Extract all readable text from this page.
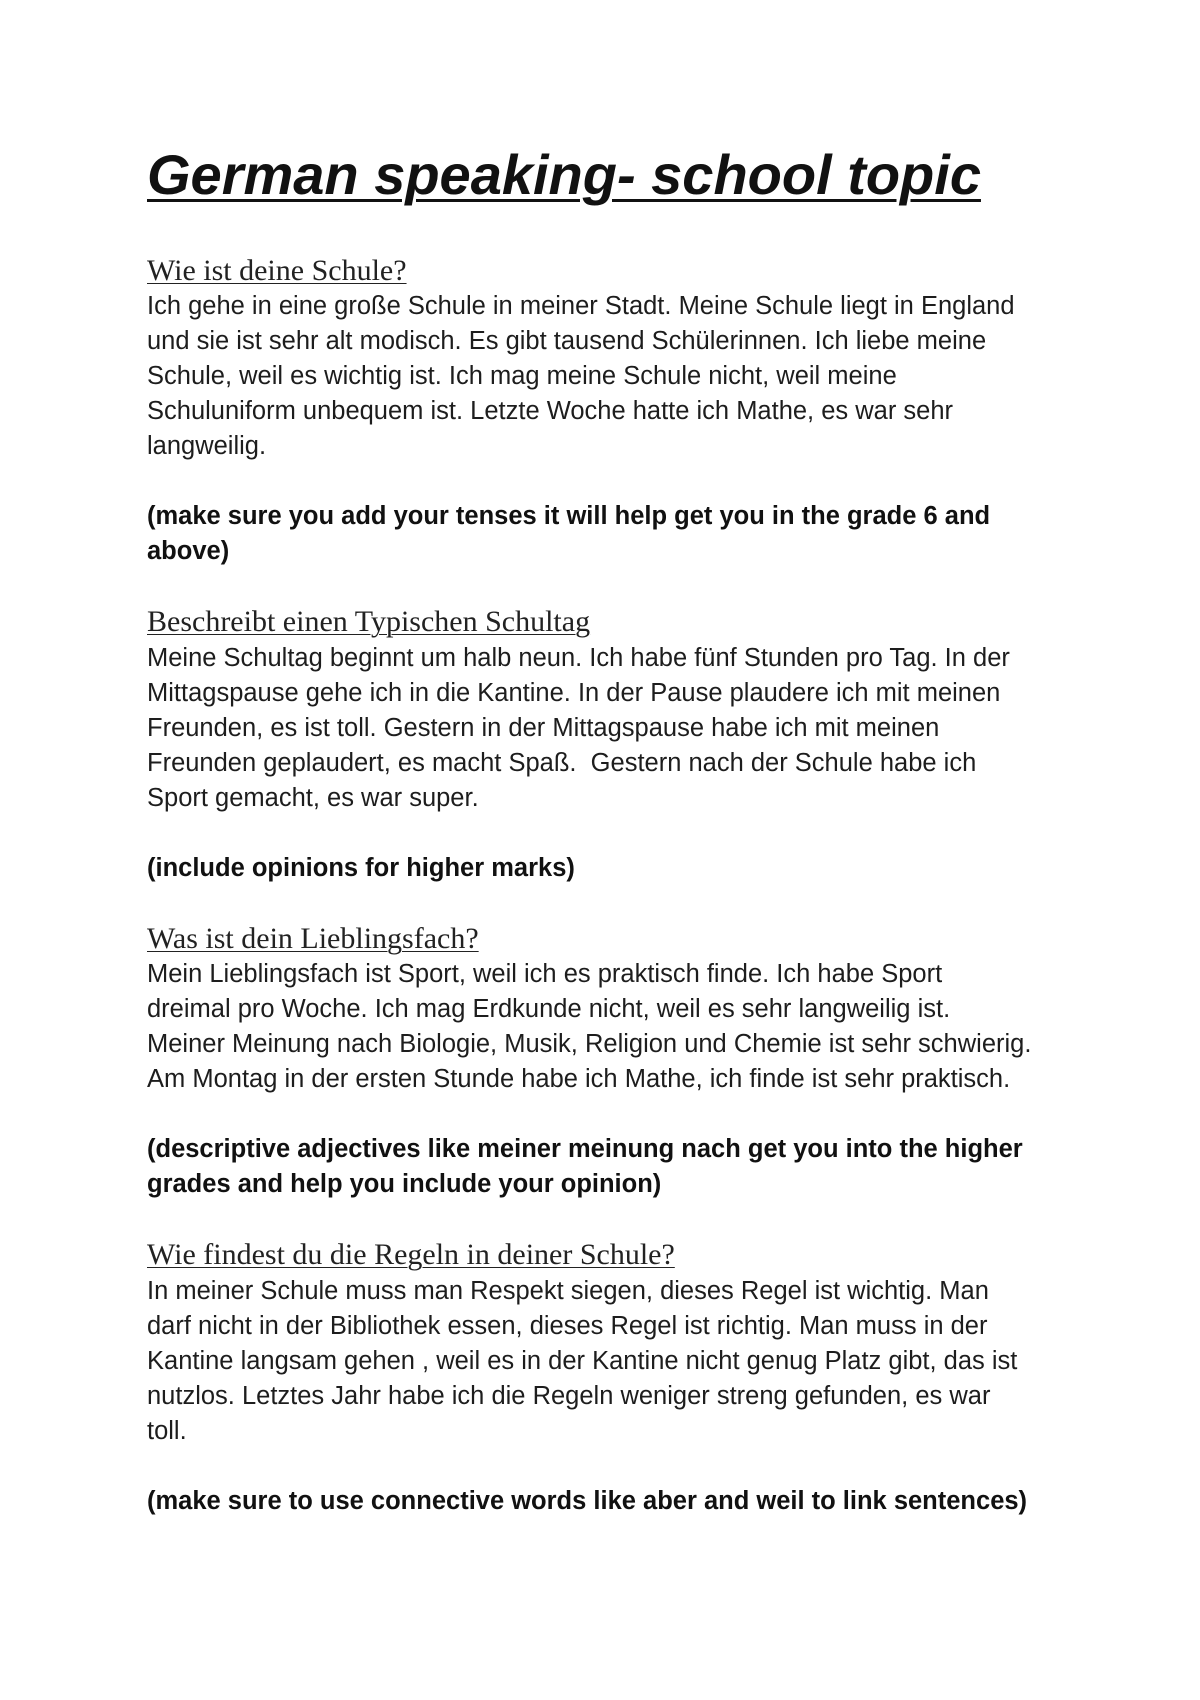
German speaking- school topic
Wie ist deine Schule?
Ich gehe in eine große Schule in meiner Stadt. Meine Schule liegt in England
und sie ist sehr alt modisch. Es gibt tausend Schülerinnen. Ich liebe meine
Schule, weil es wichtig ist. Ich mag meine Schule nicht, weil meine
Schuluniform unbequem ist. Letzte Woche hatte ich Mathe, es war sehr
langweilig.
(make sure you add your tenses it will help get you in the grade 6 and
above)
Beschreibt einen Typischen Schultag
Meine Schultag beginnt um halb neun. Ich habe fünf Stunden pro Tag. In der
Mittagspause gehe ich in die Kantine. In der Pause plaudere ich mit meinen
Freunden, es ist toll. Gestern in der Mittagspause habe ich mit meinen
Freunden geplaudert, es macht Spaß.  Gestern nach der Schule habe ich
Sport gemacht, es war super.
(include opinions for higher marks)
Was ist dein Lieblingsfach?
Mein Lieblingsfach ist Sport, weil ich es praktisch finde. Ich habe Sport
dreimal pro Woche. Ich mag Erdkunde nicht, weil es sehr langweilig ist.
Meiner Meinung nach Biologie, Musik, Religion und Chemie ist sehr schwierig.
Am Montag in der ersten Stunde habe ich Mathe, ich finde ist sehr praktisch.
(descriptive adjectives like meiner meinung nach get you into the higher
grades and help you include your opinion)
Wie findest du die Regeln in deiner Schule?
In meiner Schule muss man Respekt siegen, dieses Regel ist wichtig. Man
darf nicht in der Bibliothek essen, dieses Regel ist richtig. Man muss in der
Kantine langsam gehen , weil es in der Kantine nicht genug Platz gibt, das ist
nutzlos. Letztes Jahr habe ich die Regeln weniger streng gefunden, es war
toll.
(make sure to use connective words like aber and weil to link sentences)
